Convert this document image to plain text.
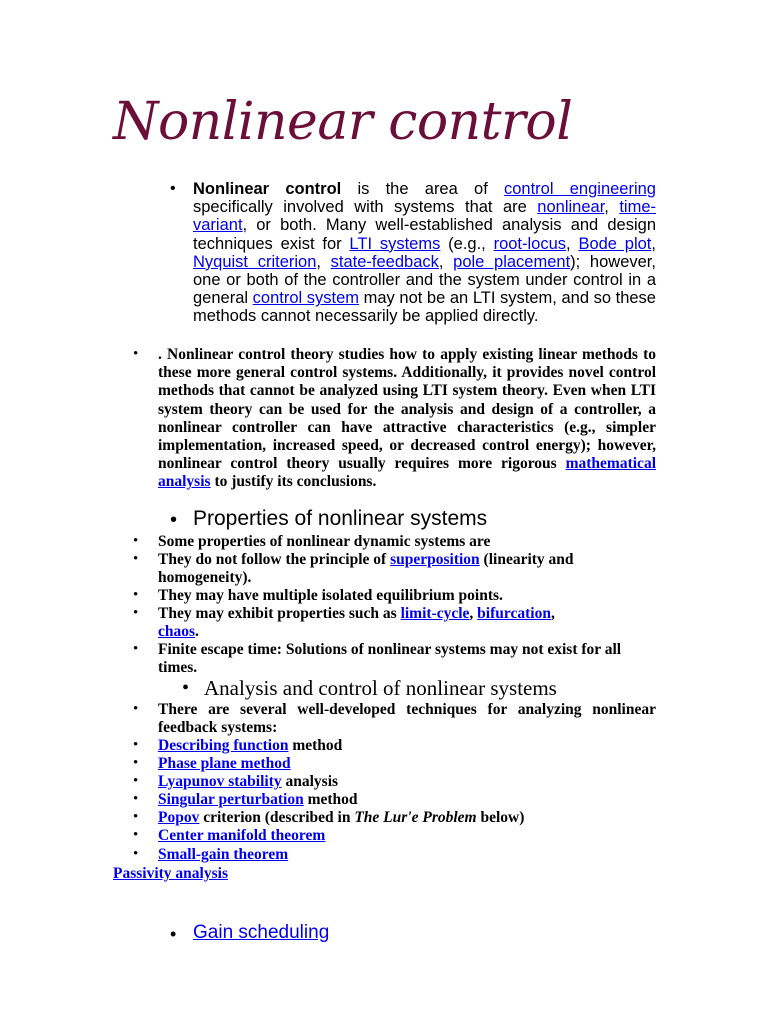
Nonlinear control
• Nonlinear control is the area of control engineering specifically involved with systems that are nonlinear, time-variant, or both. Many well-established analysis and design techniques exist for LTI systems (e.g., root-locus, Bode plot, Nyquist criterion, state-feedback, pole placement); however, one or both of the controller and the system under control in a general control system may not be an LTI system, and so these methods cannot necessarily be applied directly.
• . Nonlinear control theory studies how to apply existing linear methods to these more general control systems. Additionally, it provides novel control methods that cannot be analyzed using LTI system theory. Even when LTI system theory can be used for the analysis and design of a controller, a nonlinear controller can have attractive characteristics (e.g., simpler implementation, increased speed, or decreased control energy); however, nonlinear control theory usually requires more rigorous mathematical analysis to justify its conclusions.
• Properties of nonlinear systems
• Some properties of nonlinear dynamic systems are
• They do not follow the principle of superposition (linearity and homogeneity).
• They may have multiple isolated equilibrium points.
• They may exhibit properties such as limit-cycle, bifurcation,
chaos.
• Finite escape time: Solutions of nonlinear systems may not exist for all times.
• Analysis and control of nonlinear systems
• There are several well-developed techniques for analyzing nonlinear feedback systems:
• Describing function method
• Phase plane method
• Lyapunov stability analysis
• Singular perturbation method
• Popov criterion (described in The Lur'e Problem below)
• Center manifold theorem
• Small-gain theorem
Passivity analysis
• Gain scheduling
